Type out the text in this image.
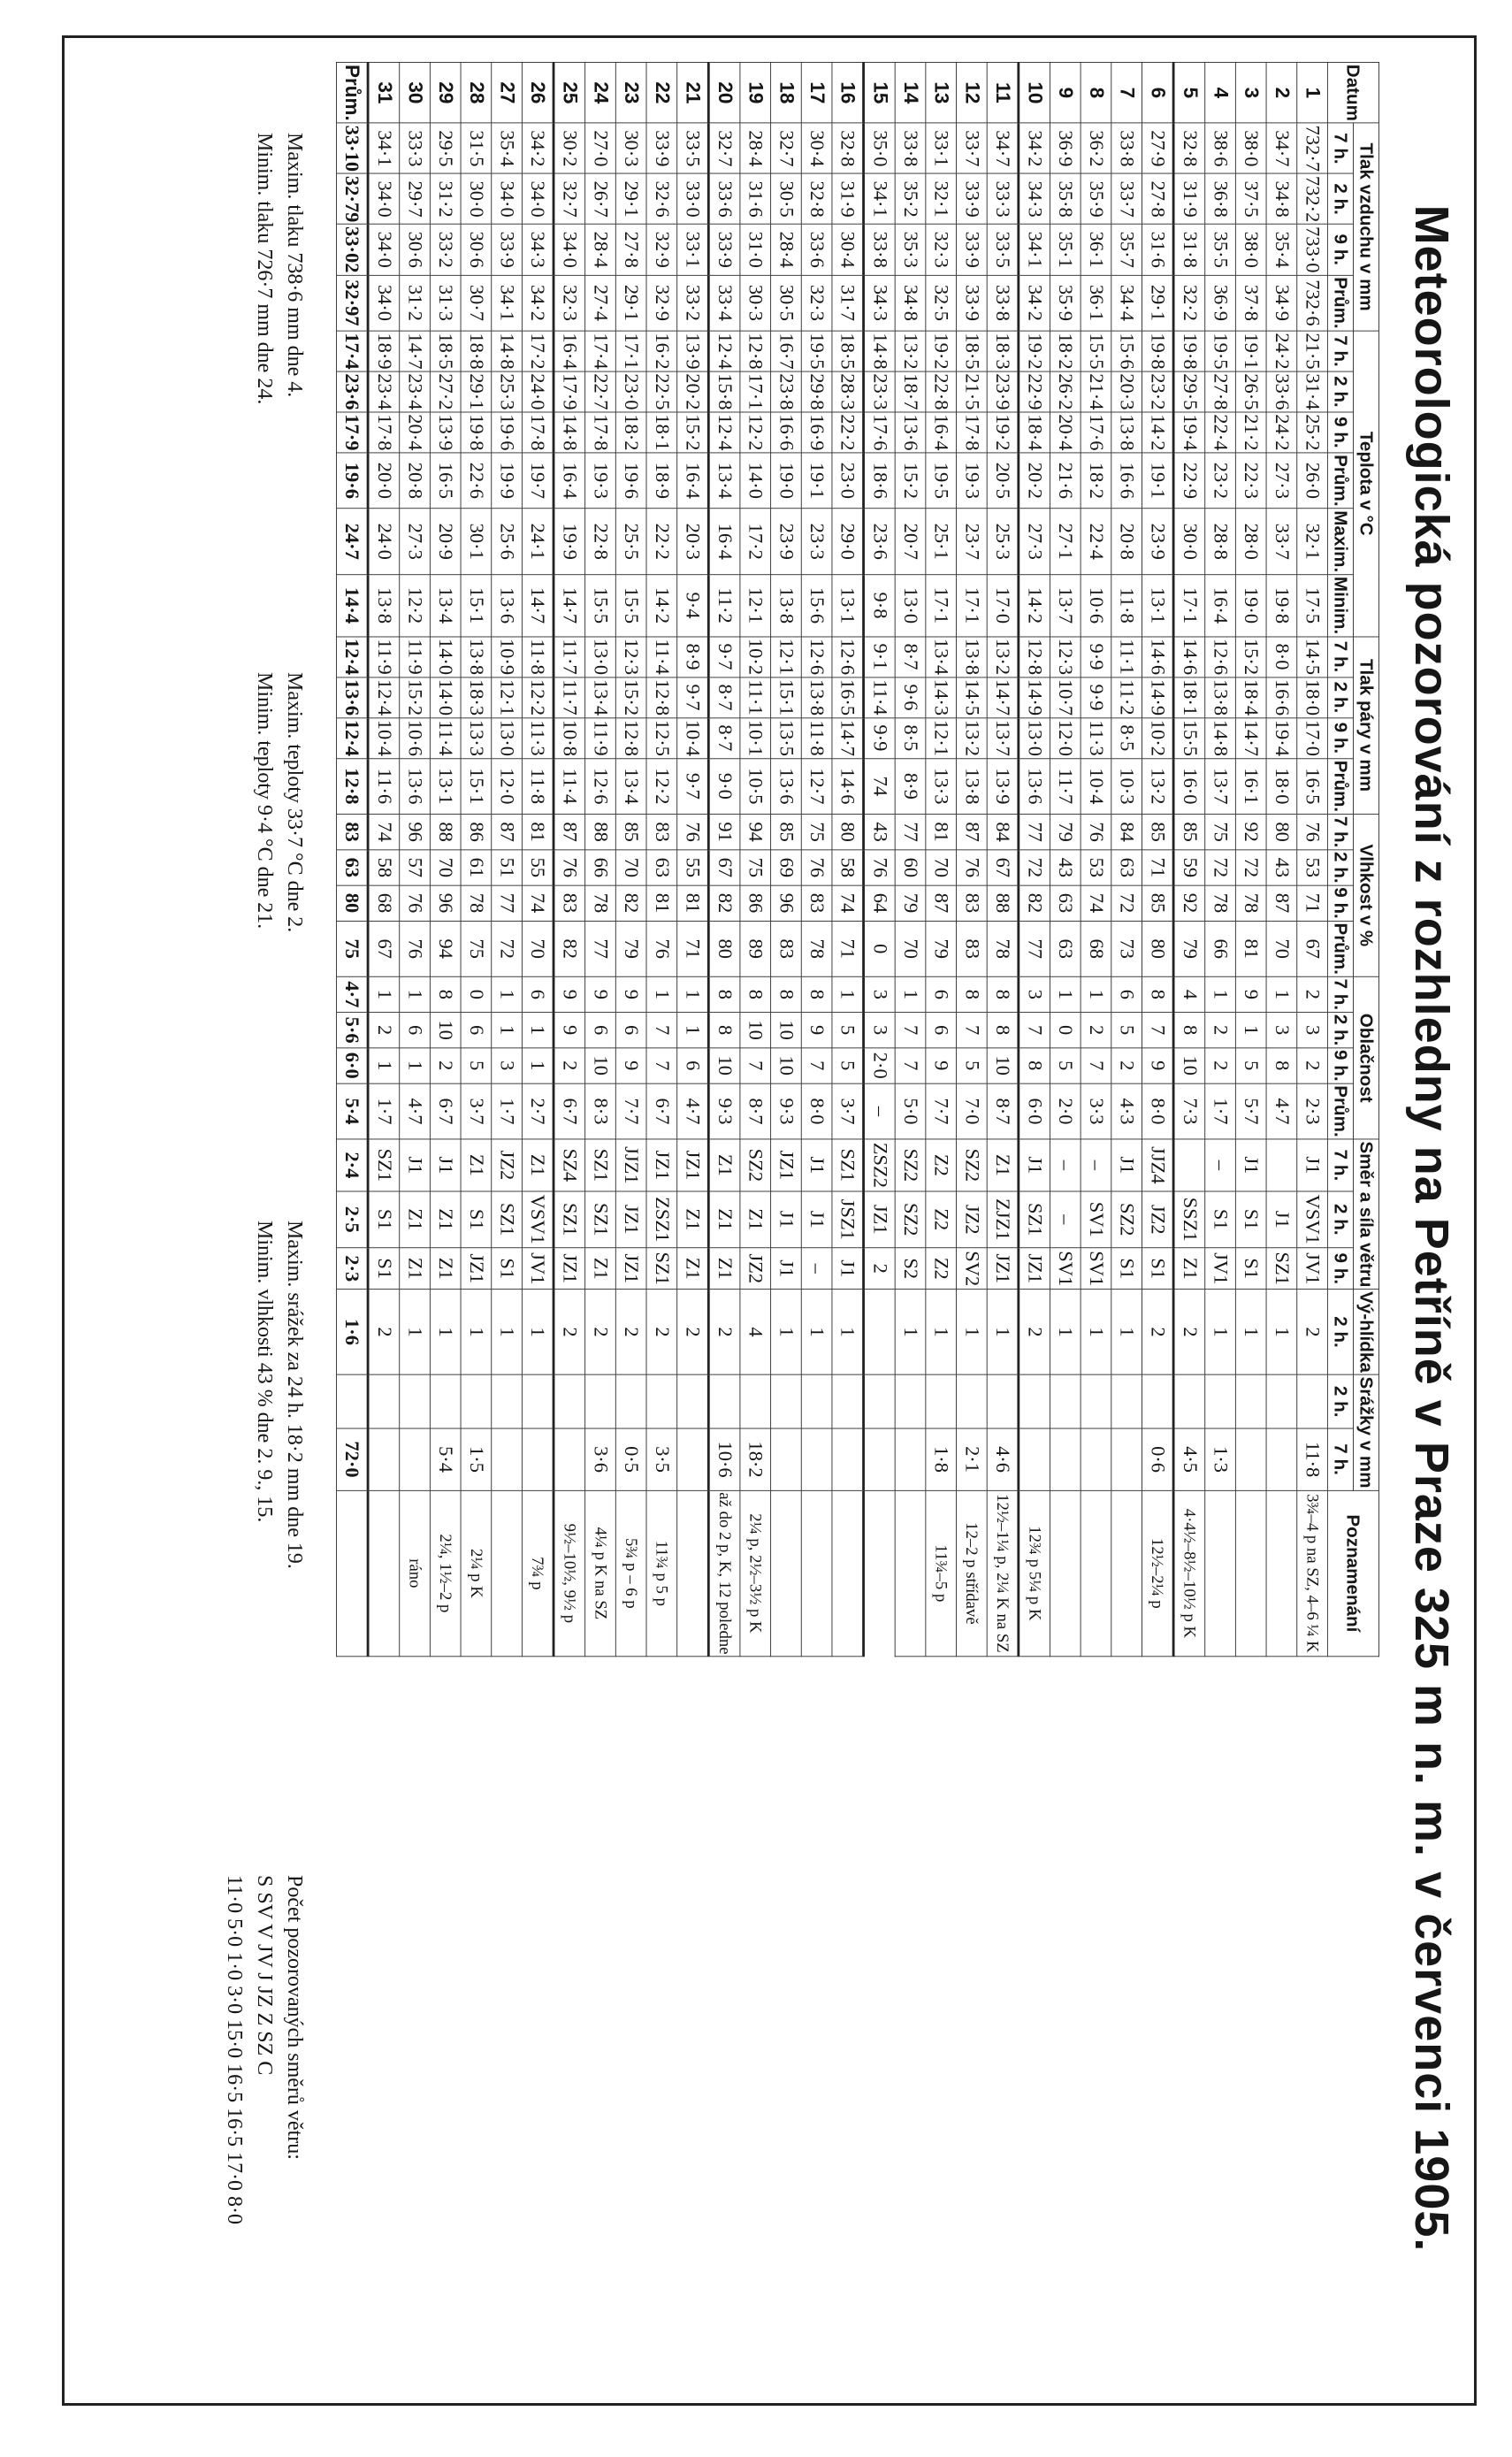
Meteorologická pozorování z rozhledny na Petříně v Praze 325 m n. m. v červenci 1905.
Datum	Tlak vzduchu v mm				Teplota v °C						Tlak páry v mm				Vlhkost v %				Oblačnost				Směr a síla větru			Vý-hlídka	Srážky v mm		Poznamenání
	7 h.	2 h.	9 h.	Prům.	7 h.	2 h.	9 h.	Prům.	Maxim.	Minim.	7 h.	2 h.	9 h.	Prům.	7 h.	2 h.	9 h.	Prům.	7 h.	2 h.	9 h.	Prům.	7 h.	2 h.	9 h.	2 h.	2 h.	7 h.	
1	732·7	732·2	733·0	732·6	21·5	31·4	25·2	26·0	32·1	17·5	14·5	18·0	17·0	16·5	76	53	71	67	2	3	2	2·3	J1	VSV1	JV1	2		11·8	3¾–4 p na SZ, 4–6 ¼ K
2	34·7	34·8	35·4	34·9	24·2	33·6	24·2	27·3	33·7	19·8	8·0	16·6	19·4	18·0	80	43	87	70	1	3	8	4·7		J1	SZ1	1			
3	38·0	37·5	38·0	37·8	19·1	26·5	21·2	22·3	28·0	19·0	15·2	18·4	14·7	16·1	92	72	78	81	9	1	5	5·7	J1	S1	S1	1			
4	38·6	36·8	35·5	36·9	19·5	27·8	22·4	23·2	28·8	16·4	12·6	13·8	14·8	13·7	75	72	78	66	1	2	2	1·7	–	S1	JV1	1		1·3	
5	32·8	31·9	31·8	32·2	19·8	29·5	19·4	22·9	30·0	17·1	14·6	18·1	15·5	16·0	85	59	92	79	4	8	10	7·3		SSZ1	Z1	2		4·5	4·4½–8½–10½ p K
6	27·9	27·8	31·6	29·1	19·8	23·2	14·2	19·1	23·9	13·1	14·6	14·9	10·2	13·2	85	71	85	80	8	7	9	8·0	JJZ4	JZ2	S1	2		0·6	12½–2¼ p
7	33·8	33·7	35·7	34·4	15·6	20·3	13·8	16·6	20·8	11·8	11·1	11·2	8·5	10·3	84	63	72	73	6	5	2	4·3	J1	SZ2	S1	1			
8	36·2	35·9	36·1	36·1	15·5	21·4	17·6	18·2	22·4	10·6	9·9	9·9	11·3	10·4	76	53	74	68	1	2	7	3·3	–	SV1	SV1	1			
9	36·9	35·8	35·1	35·9	18·2	26·2	20·4	21·6	27·1	13·7	12·3	10·7	12·0	11·7	79	43	63	63	1	0	5	2·0	–	–	SV1	1			
10	34·2	34·3	34·1	34·2	19·2	22·9	18·4	20·2	27·3	14·2	12·8	14·9	13·0	13·6	77	72	82	77	3	7	8	6·0	J1	SZ1	JZ1	2			12¾ p 5¼ p K
11	34·7	33·3	33·5	33·8	18·3	23·9	19·2	20·5	25·3	17·0	13·2	14·7	13·7	13·9	84	67	88	78	8	8	10	8·7	Z1	ZJZ1	JZ1	1		4·6	12½–1¼ p, 2¼ K na SZ
12	33·7	33·9	33·9	33·9	18·5	21·5	17·8	19·3	23·7	17·1	13·8	14·5	13·2	13·8	87	76	83	83	8	7	5	7·0	SZ2	JZ2	SV2	1		2·1	12–2 p střídavě
13	33·1	32·1	32·3	32·5	19·2	22·8	16·4	19·5	25·1	17·1	13·4	14·3	12·1	13·3	81	70	87	79	6	6	9	7·7	Z2	Z2	Z2	1		1·8	11¾–5 p
14	33·8	35·2	35·3	34·8	13·2	18·7	13·6	15·2	20·7	13·0	8·7	9·6	8·5	8·9	77	60	79	70	1	7	7	5·0	SZ2	SZ2	S2	1			
15	35·0	34·1	33·8	34·3	14·8	23·3	17·6	18·6	23·6	9·8	9·1	11·4	9·9	74	43	76	64	0	3	3	2·0	–	ZSZ2	JZ1	2				
16	32·8	31·9	30·4	31·7	18·5	28·3	22·2	23·0	29·0	13·1	12·6	16·5	14·7	14·6	80	58	74	71	1	5	5	3·7	SZ1	JSZ1	J1	1			
17	30·4	32·8	33·6	32·3	19·5	29·8	16·9	19·1	23·3	15·6	12·6	13·8	11·8	12·7	75	76	83	78	8	9	7	8·0	J1	J1	–	1			
18	32·7	30·5	28·4	30·5	16·7	23·8	16·6	19·0	23·9	13·8	12·1	15·1	13·5	13·6	85	69	96	83	8	10	10	9·3	JZ1	J1	J1	1			
19	28·4	31·6	31·0	30·3	12·8	17·1	12·2	14·0	17·2	12·1	10·2	11·1	10·1	10·5	94	75	86	89	8	10	7	8·7	SZ2	Z1	JZ2	4		18·2	2¼ p, 2½–3½ p K
20	32·7	33·6	33·9	33·4	12·4	15·8	12·4	13·4	16·4	11·2	9·7	8·7	8·7	9·0	91	67	82	80	8	8	10	9·3	Z1	Z1	Z1	2		10·6	až do 2 p, K, 12 poledne
21	33·5	33·0	33·1	33·2	13·9	20·2	15·2	16·4	20·3	9·4	8·9	9·7	10·4	9·7	76	55	81	71	1	1	6	4·7	JZ1	Z1	Z1	2			
22	33·9	32·6	32·9	32·9	16·2	22·5	18·1	18·9	22·2	14·2	11·4	12·8	12·5	12·2	83	63	81	76	1	7	7	6·7	JZ1	ZSZ1	SZ1	2		3·5	11¾ p 5 p
23	30·3	29·1	27·8	29·1	17·1	23·0	18·2	19·6	25·5	15·5	12·3	15·2	12·8	13·4	85	70	82	79	9	6	9	7·7	JJZ1	JZ1	JZ1	2		0·5	5¾ p – 6 p
24	27·0	26·7	28·4	27·4	17·4	22·7	17·8	19·3	22·8	15·5	13·0	13·4	11·9	12·6	88	66	78	77	9	6	10	8·3	SZ1	SZ1	Z1	2		3·6	4¼ p K na SZ
25	30·2	32·7	34·0	32·3	16·4	17·9	14·8	16·4	19·9	14·7	11·7	11·7	10·8	11·4	87	76	83	82	9	9	2	6·7	SZ4	SZ1	JZ1	2			9½–10½, 9½ p
26	34·2	34·0	34·3	34·2	17·2	24·0	17·8	19·7	24·1	14·7	11·8	12·2	11·3	11·8	81	55	74	70	6	1	1	2·7	Z1	VSV1	JV1	1			7¾ p
27	35·4	34·0	33·9	34·1	14·8	25·3	19·6	19·9	25·6	13·6	10·9	12·1	13·0	12·0	87	51	77	72	1	1	3	1·7	JZ2	SZ1	S1	1			
28	31·5	30·0	30·6	30·7	18·8	29·1	19·8	22·6	30·1	15·1	13·8	18·3	13·3	15·1	86	61	78	75	0	6	5	3·7	Z1	S1	JZ1	1		1·5	2¼ p K
29	29·5	31·2	33·2	31·3	18·5	27·2	13·9	16·5	20·9	13·4	14·0	14·0	11·4	13·1	88	70	96	94	8	10	2	6·7	J1	Z1	Z1	1		5·4	2¼, 1½–2 p
30	33·3	29·7	30·6	31·2	14·7	23·4	20·4	20·8	27·3	12·2	11·9	15·2	10·6	13·6	96	57	76	76	1	6	1	4·7	J1	Z1	Z1	1			ráno
31	34·1	34·0	34·0	34·0	18·9	23·4	17·8	20·0	24·0	13·8	11·9	12·4	10·4	11·6	74	58	68	67	1	2	1	1·7	SZ1	S1	S1	2			
Prům.	33·10	32·79	33·02	32·97	17·4	23·6	17·9	19·6	24·7	14·4	12·4	13·6	12·4	12·8	83	63	80	75	4·7	5·6	6·0	5·4	2·4	2·5	2·3	1·6		72·0	
Maxim. tlaku 738·6 mm dne 4.
Minim. tlaku 726·7 mm dne 24.
Maxim. teploty 33·7 °C dne 2.
Minim. teploty 9·4 °C dne 21.
Maxim. srážek za 24 h. 18·2 mm dne 19.
Minim. vlhkosti 43 % dne 2. 9., 15.
Počet pozorovaných směrů větru:
S SV V JV J JZ Z SZ C
11·0 5·0 1·0 3·0 15·0 16·5 16·5 17·0 8·0
